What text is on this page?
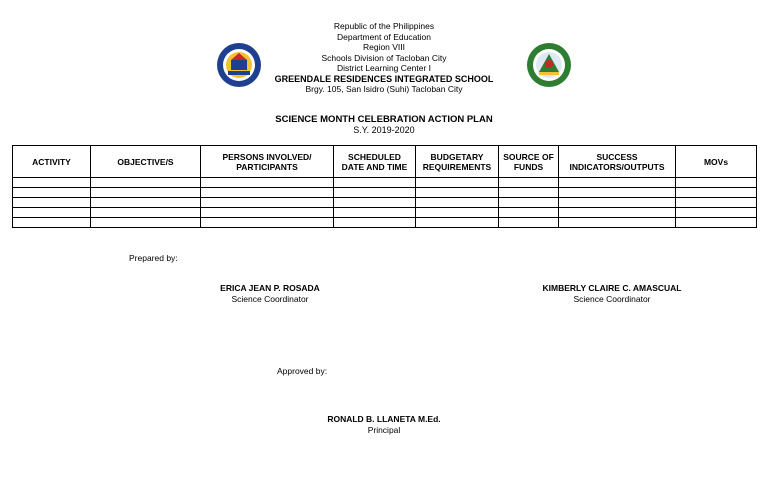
Republic of the Philippines
Department of Education
Region VIII
Schools Division of Tacloban City
District Learning Center I
GREENDALE RESIDENCES INTEGRATED SCHOOL
Brgy. 105, San Isidro (Suhi) Tacloban City
SCIENCE MONTH CELEBRATION ACTION PLAN
S.Y. 2019-2020
ACTIVITY	OBJECTIVE/S	PERSONS INVOLVED/ PARTICIPANTS	SCHEDULED DATE AND TIME	BUDGETARY REQUIREMENTS	SOURCE OF FUNDS	SUCCESS INDICATORS/OUTPUTS	MOVs

Prepared by:
ERICA JEAN P. ROSADA
Science Coordinator
KIMBERLY CLAIRE C. AMASCUAL
Science Coordinator
Approved by:
RONALD B. LLANETA M.Ed.
Principal
